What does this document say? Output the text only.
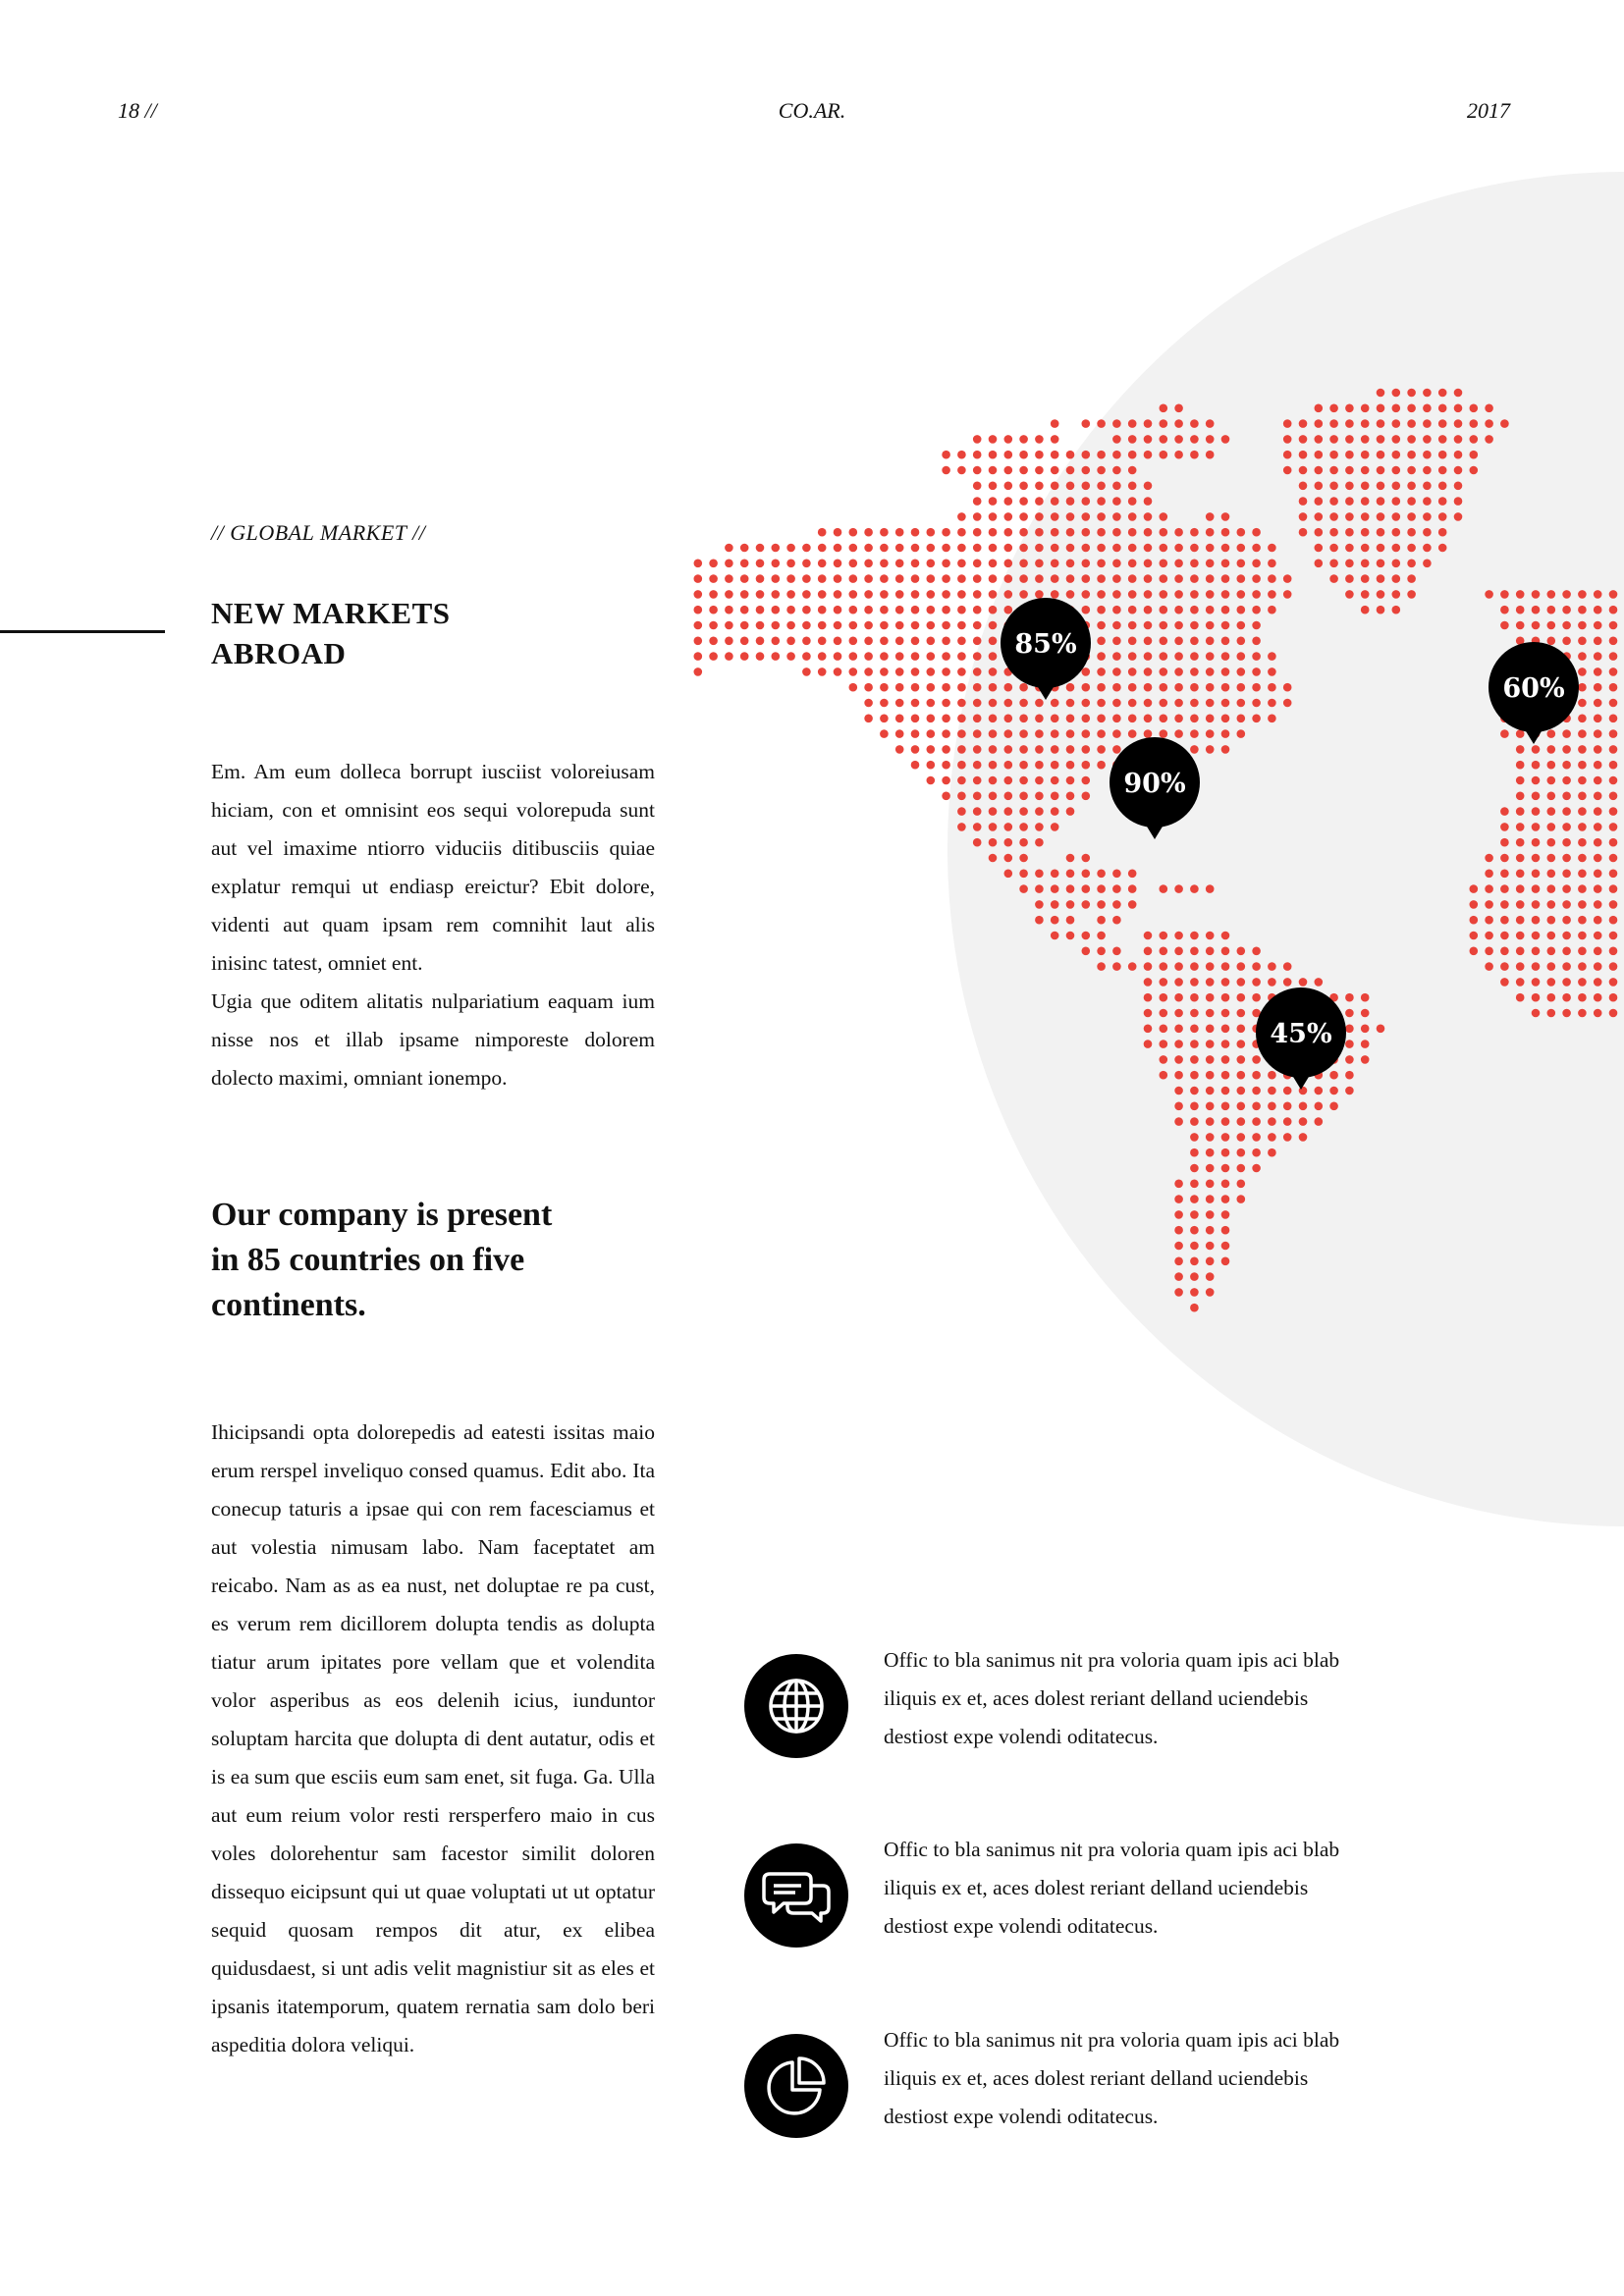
18 //	CO.AR.	2017
85%
90%
45%
60%
// GLOBAL MARKET //
NEW MARKETS
ABROAD

Em. Am eum dolleca borrupt iusciist voloreiusam hiciam, con et omnisint eos sequi volorepuda sunt aut vel imaxime ntiorro viduciis ditibusciis quiae explatur remqui ut endiasp ereictur? Ebit dolore, videnti aut quam ipsam rem comnihit laut alis inisinc tatest, omniet ent.

Ugia que oditem alitatis nulpariatium eaquam ium nisse nos et illab ipsame nimporeste dolorem dolecto maximi, omniant ionempo.

Our company is present
in 85 countries on five
continents.

Ihicipsandi opta dolorepedis ad eatesti issitas maio erum rerspel inveliquo consed quamus. Edit abo. Ita conecup taturis a ipsae qui con rem facesciamus et aut volestia nimusam labo. Nam faceptatet am reicabo. Nam as as ea nust, net doluptae re pa cust, es verum rem dicillorem dolupta tendis as dolupta tiatur arum ipitates pore vellam que et volendita volor asperibus as eos delenih icius, iunduntor soluptam harcita que dolupta di dent autatur, odis et is ea sum que esciis eum sam enet, sit fuga. Ga. Ulla aut eum reium volor resti rersperfero maio in cus voles dolorehentur sam facestor similit doloren dissequo eicipsunt qui ut quae voluptati ut ut optatur sequid quosam rempos dit atur, ex elibea quidusdaest, si unt adis velit magnistiur sit as eles et ipsanis itatemporum, quatem rernatia sam dolo beri aspeditia dolora veliqui.

Offic to bla sanimus nit pra voloria quam ipis aci blab iliquis ex et, aces dolest reriant delland uciendebis destiost expe volendi oditatecus.
Offic to bla sanimus nit pra voloria quam ipis aci blab iliquis ex et, aces dolest reriant delland uciendebis destiost expe volendi oditatecus.
Offic to bla sanimus nit pra voloria quam ipis aci blab iliquis ex et, aces dolest reriant delland uciendebis destiost expe volendi oditatecus.
